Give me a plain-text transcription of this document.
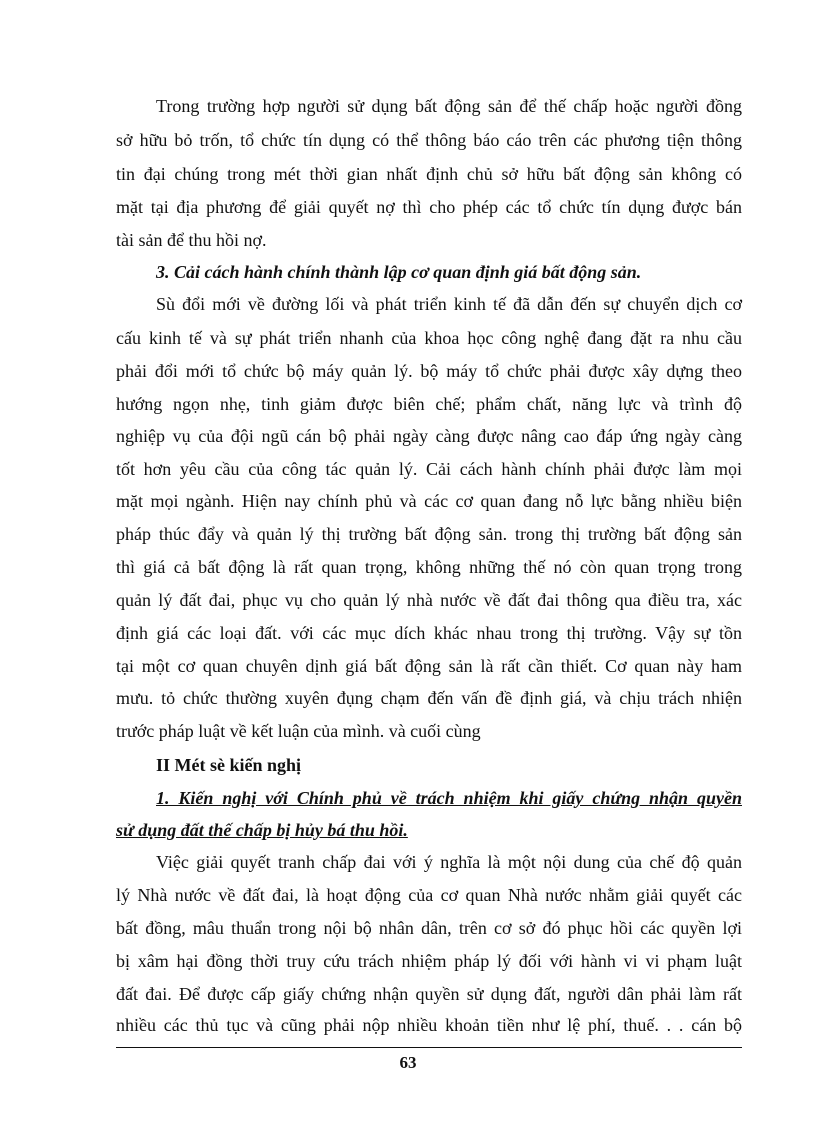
Trong trường hợp người sử dụng bất động sản để thế chấp hoặc người đồng
sở hữu bỏ trốn, tổ chức tín dụng có thể thông báo cáo trên các phương tiện thông
tin đại chúng trong mét thời gian nhất định chủ sở hữu bất động sản không có
mặt tại địa phương để giải quyết nợ thì cho phép các tổ chức tín dụng được bán
tài sản để thu hồi nợ.
3. Cải cách hành chính thành lập cơ quan định giá bất động sản.
Sù đổi mới về đường lối và phát triển kinh tế đã dẫn đến sự chuyển dịch cơ
cấu kinh tế và sự phát triển nhanh của khoa học công nghệ đang đặt ra nhu cầu
phải đổi mới tổ chức bộ máy quản lý. bộ máy tổ chức phải được xây dựng theo
hướng ngọn nhẹ, tinh giảm được biên chế; phẩm chất, năng lực và trình độ
nghiệp vụ của đội ngũ cán bộ phải ngày càng được nâng cao đáp ứng ngày càng
tốt hơn yêu cầu của công tác quản lý. Cải cách hành chính phải được làm mọi
mặt mọi ngành. Hiện nay chính phủ và các cơ quan đang nỗ lực bằng nhiều biện
pháp thúc đẩy và quản lý thị trường bất động sản. trong thị trường bất động sản
thì giá cả bất động là rất quan trọng, không những thế nó còn quan trọng trong
quản lý đất đai, phục vụ cho quản lý nhà nước về đất đai thông qua điều tra, xác
định giá các loại đất. với các mục dích khác nhau trong thị trường. Vậy sự tồn
tại một cơ quan chuyên dịnh giá bất động sản là rất cần thiết. Cơ quan này ham
mưu. tỏ chức thường xuyên đụng chạm đến vấn đề định giá, và chịu trách nhiện
trước pháp luật về kết luận của mình. và cuối cùng
II Mét sè kiến nghị
1. Kiến nghị với Chính phủ về trách nhiệm khi giấy chứng nhận quyền
sử dụng đất thế chấp bị hủy bá thu hồi.
Việc giải quyết tranh chấp đai với ý nghĩa là một nội dung của chế độ quản
lý Nhà nước về đất đai, là hoạt động của cơ quan Nhà nước nhằm giải quyết các
bất đồng, mâu thuẩn trong nội bộ nhân dân, trên cơ sở đó phục hồi các quyền lợi
bị xâm hại đồng thời truy cứu trách nhiệm pháp lý đối với hành vi vi phạm luật
đất đai. Để được cấp giấy chứng nhận quyền sử dụng đất, người dân phải làm rất
nhiều các thủ tục và cũng phải nộp nhiều khoản tiền như lệ phí, thuế. . . cán bộ
63
